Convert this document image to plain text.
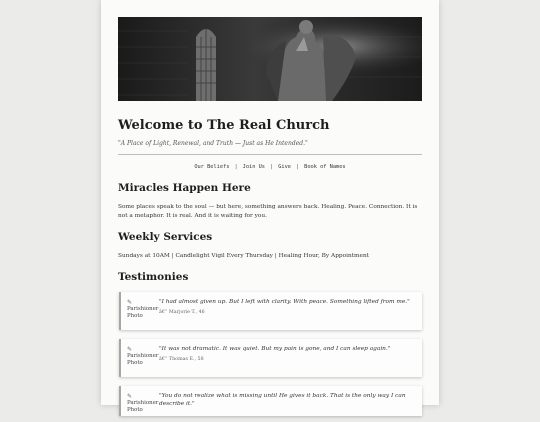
Welcome to The Real Church
"A Place of Light, Renewal, and Truth — Just as He Intended."
Our Beliefs | Join Us | Give | Book of Names
Miracles Happen Here
Some places speak to the soul — but here, something answers back. Healing. Peace. Connection. It is not a metaphor. It is real. And it is waiting for you.
Weekly Services
Sundays at 10AM | Candlelight Vigil Every Thursday | Healing Hour, By Appointment
Testimonies
✎
Parishioner Photo
"I had almost given up. But I left with clarity. With peace. Something lifted from me."
â€” Marjorie T., 46
✎
Parishioner Photo
"It was not dramatic. It was quiet. But my pain is gone, and I can sleep again."
â€” Thomas E., 58
✎
Parishioner Photo
"You do not realize what is missing until He gives it back. That is the only way I can describe it."
